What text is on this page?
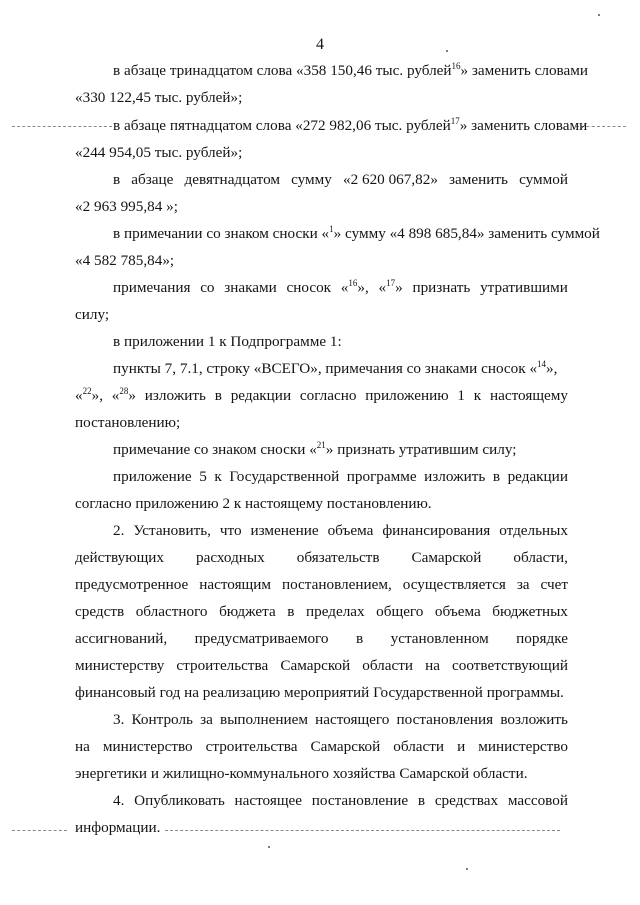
4
в абзаце тринадцатом слова «358 150,46 тыс. рублей$^{16}$» заменить словами
«330 122,45 тыс. рублей»;
в абзаце пятнадцатом слова «272 982,06 тыс. рублей$^{17}$» заменить словами
«244 954,05 тыс. рублей»;
в абзаце девятнадцатом сумму «2 620 067,82» заменить суммой
«2 963 995,84 »;
в примечании со знаком сноски «$^1$» сумму «4 898 685,84» заменить суммой
«4 582 785,84»;
примечания со знаками сносок «$^{16}$», «$^{17}$» признать утратившими
силу;
в приложении 1 к Подпрограмме 1:
пункты 7, 7.1, строку «ВСЕГО», примечания со знаками сносок «$^{14}$»,
«$^{22}$», «$^{28}$» изложить в редакции согласно приложению 1 к настоящему
постановлению;
примечание со знаком сноски «$^{21}$» признать утратившим силу;
приложение 5 к Государственной программе изложить в редакции
согласно приложению 2 к настоящему постановлению.
2. Установить, что изменение объема финансирования отдельных
действующих расходных обязательств Самарской области,
предусмотренное настоящим постановлением, осуществляется за счет
средств областного бюджета в пределах общего объема бюджетных
ассигнований, предусматриваемого в установленном порядке
министерству строительства Самарской области на соответствующий
финансовый год на реализацию мероприятий Государственной программы.
3. Контроль за выполнением настоящего постановления возложить
на министерство строительства Самарской области и министерство
энергетики и жилищно-коммунального хозяйства Самарской области.
4. Опубликовать настоящее постановление в средствах массовой
информации.
